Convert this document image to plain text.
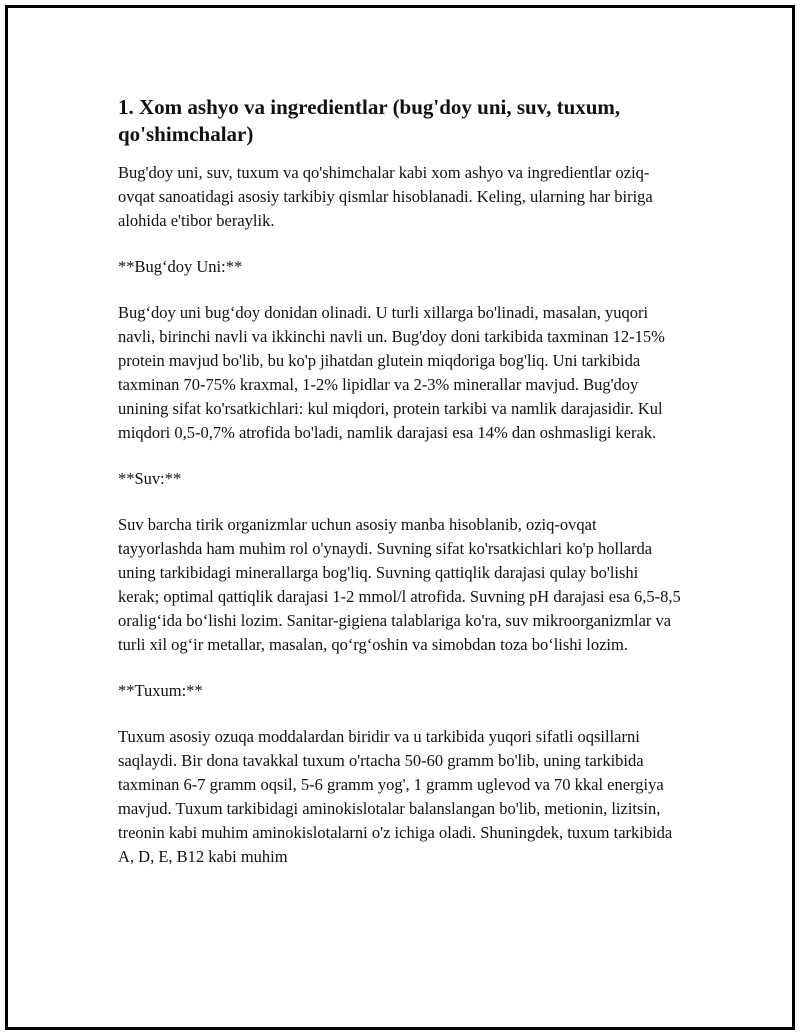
1. Xom ashyo va ingredientlar (bug'doy uni, suv, tuxum, qo'shimchalar)

Bug'doy uni, suv, tuxum va qo'shimchalar kabi xom ashyo va ingredientlar oziq-ovqat sanoatidagi asosiy tarkibiy qismlar hisoblanadi. Keling, ularning har biriga alohida e'tibor beraylik.

**Bug‘doy Uni:**

Bug‘doy uni bug‘doy donidan olinadi. U turli xillarga bo'linadi, masalan, yuqori navli, birinchi navli va ikkinchi navli un. Bug'doy doni tarkibida taxminan 12-15% protein mavjud bo'lib, bu ko'p jihatdan glutein miqdoriga bog'liq. Uni tarkibida taxminan 70-75% kraxmal, 1-2% lipidlar va 2-3% minerallar mavjud. Bug'doy unining sifat ko'rsatkichlari: kul miqdori, protein tarkibi va namlik darajasidir. Kul miqdori 0,5-0,7% atrofida bo'ladi, namlik darajasi esa 14% dan oshmasligi kerak.

**Suv:**

Suv barcha tirik organizmlar uchun asosiy manba hisoblanib, oziq-ovqat tayyorlashda ham muhim rol o'ynaydi. Suvning sifat ko'rsatkichlari ko'p hollarda uning tarkibidagi minerallarga bog'liq. Suvning qattiqlik darajasi qulay bo'lishi kerak; optimal qattiqlik darajasi 1-2 mmol/l atrofida. Suvning pH darajasi esa 6,5-8,5 oralig‘ida bo‘lishi lozim. Sanitar-gigiena talablariga ko'ra, suv mikroorganizmlar va turli xil og‘ir metallar, masalan, qo‘rg‘oshin va simobdan toza bo‘lishi lozim.

**Tuxum:**

Tuxum asosiy ozuqa moddalardan biridir va u tarkibida yuqori sifatli oqsillarni saqlaydi. Bir dona tavakkal tuxum o'rtacha 50-60 gramm bo'lib, uning tarkibida taxminan 6-7 gramm oqsil, 5-6 gramm yog', 1 gramm uglevod va 70 kkal energiya mavjud. Tuxum tarkibidagi aminokislotalar balanslangan bo'lib, metionin, lizitsin, treonin kabi muhim aminokislotalarni o'z ichiga oladi. Shuningdek, tuxum tarkibida A, D, E, B12 kabi muhim
